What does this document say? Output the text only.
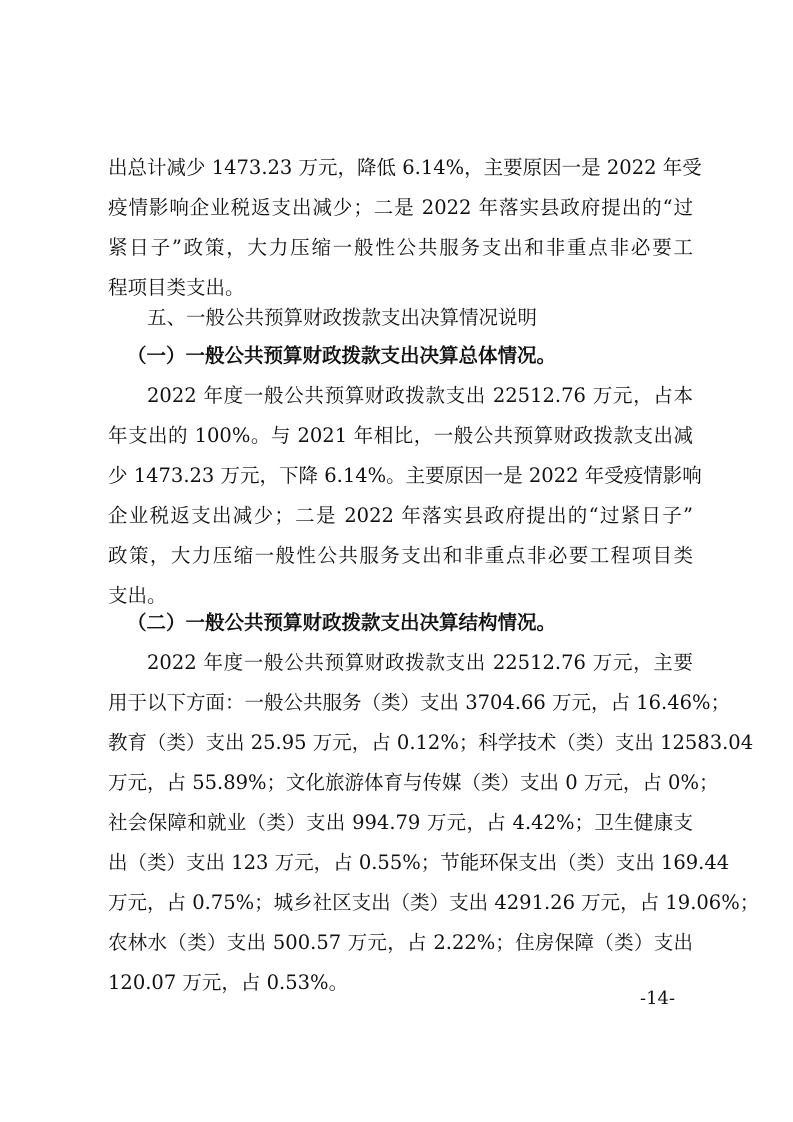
出总计减少 1473.23 万元，降低 6.14%，主要原因一是 2022 年受
疫情影响企业税返支出减少；二是 2022 年落实县政府提出的“过
紧日子”政策，大力压缩一般性公共服务支出和非重点非必要工
程项目类支出。
五、一般公共预算财政拨款支出决算情况说明
（一）一般公共预算财政拨款支出决算总体情况。
2022 年度一般公共预算财政拨款支出 22512.76 万元，占本
年支出的 100%。与 2021 年相比，一般公共预算财政拨款支出减
少 1473.23 万元，下降 6.14%。主要原因一是 2022 年受疫情影响
企业税返支出减少；二是 2022 年落实县政府提出的“过紧日子”
政策，大力压缩一般性公共服务支出和非重点非必要工程项目类
支出。
（二）一般公共预算财政拨款支出决算结构情况。
2022 年度一般公共预算财政拨款支出 22512.76 万元，主要
用于以下方面：一般公共服务（类）支出 3704.66 万元，占 16.46%；
教育（类）支出 25.95 万元，占 0.12%；科学技术（类）支出 12583.04
万元，占 55.89%；文化旅游体育与传媒（类）支出 0 万元，占 0%；
社会保障和就业（类）支出 994.79 万元，占 4.42%；卫生健康支
出（类）支出 123 万元，占 0.55%；节能环保支出（类）支出 169.44
万元，占 0.75%；城乡社区支出（类）支出 4291.26 万元，占 19.06%；
农林水（类）支出 500.57 万元，占 2.22%；住房保障（类）支出
120.07 万元，占 0.53%。
-14-
